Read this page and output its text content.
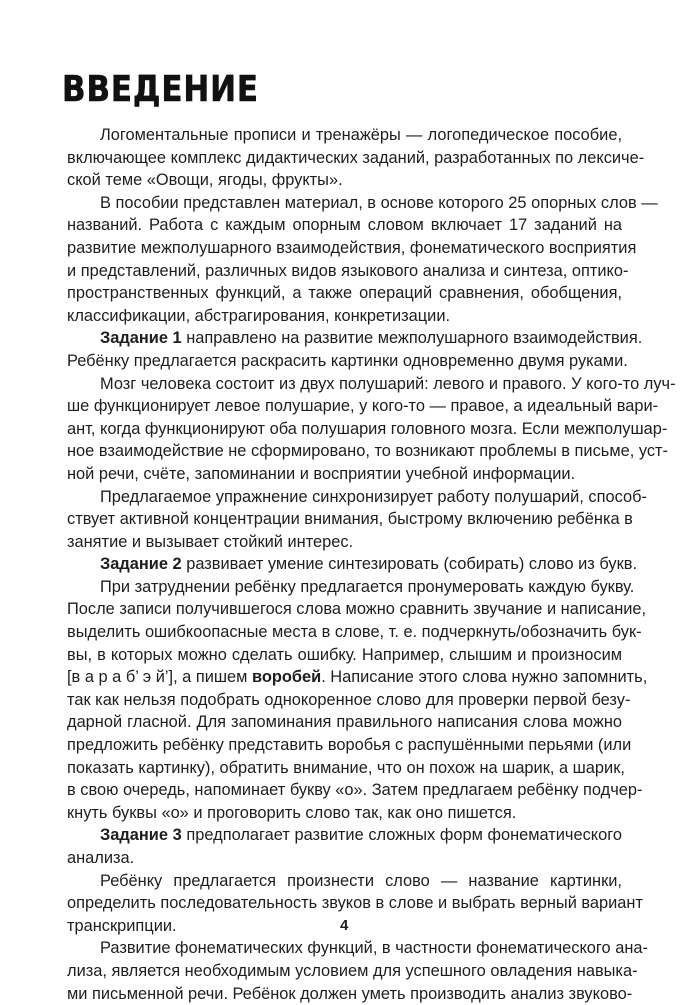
ВВЕДЕНИЕ
Логоментальные прописи и тренажёры — логопедическое пособие,
включающее комплекс дидактических заданий, разработанных по лексиче-
ской теме «Овощи, ягоды, фрукты».
В пособии представлен материал, в основе которого 25 опорных слов —
названий. Работа с каждым опорным словом включает 17 заданий на
развитие межполушарного взаимодействия, фонематического восприятия
и представлений, различных видов языкового анализа и синтеза, оптико-
пространственных функций, а также операций сравнения, обобщения,
классификации, абстрагирования, конкретизации.
Задание 1 направлено на развитие межполушарного взаимодействия.
Ребёнку предлагается раскрасить картинки одновременно двумя руками.
Мозг человека состоит из двух полушарий: левого и правого. У кого-то луч-
ше функционирует левое полушарие, у кого-то — правое, а идеальный вари-
ант, когда функционируют оба полушария головного мозга. Если межполушар-
ное взаимодействие не сформировано, то возникают проблемы в письме, уст-
ной речи, счёте, запоминании и восприятии учебной информации.
Предлагаемое упражнение синхронизирует работу полушарий, способ-
ствует активной концентрации внимания, быстрому включению ребёнка в
занятие и вызывает стойкий интерес.
Задание 2 развивает умение синтезировать (собирать) слово из букв.
При затруднении ребёнку предлагается пронумеровать каждую букву.
После записи получившегося слова можно сравнить звучание и написание,
выделить ошибкоопасные места в слове, т. е. подчеркнуть/обозначить бук-
вы, в которых можно сделать ошибку. Например, слышим и произносим
[в а р а б’ э й’], а пишем воробей. Написание этого слова нужно запомнить,
так как нельзя подобрать однокоренное слово для проверки первой безу-
дарной гласной. Для запоминания правильного написания слова можно
предложить ребёнку представить воробья с распушёнными перьями (или
показать картинку), обратить внимание, что он похож на шарик, а шарик,
в свою очередь, напоминает букву «о». Затем предлагаем ребёнку подчер-
кнуть буквы «о» и проговорить слово так, как оно пишется.
Задание 3 предполагает развитие сложных форм фонематического
анализа.
Ребёнку предлагается произнести слово — название картинки,
определить последовательность звуков в слове и выбрать верный вариант
транскрипции.
Развитие фонематических функций, в частности фонематического ана-
лиза, является необходимым условием для успешного овладения навыка-
ми письменной речи. Ребёнок должен уметь производить анализ звуково-
4
